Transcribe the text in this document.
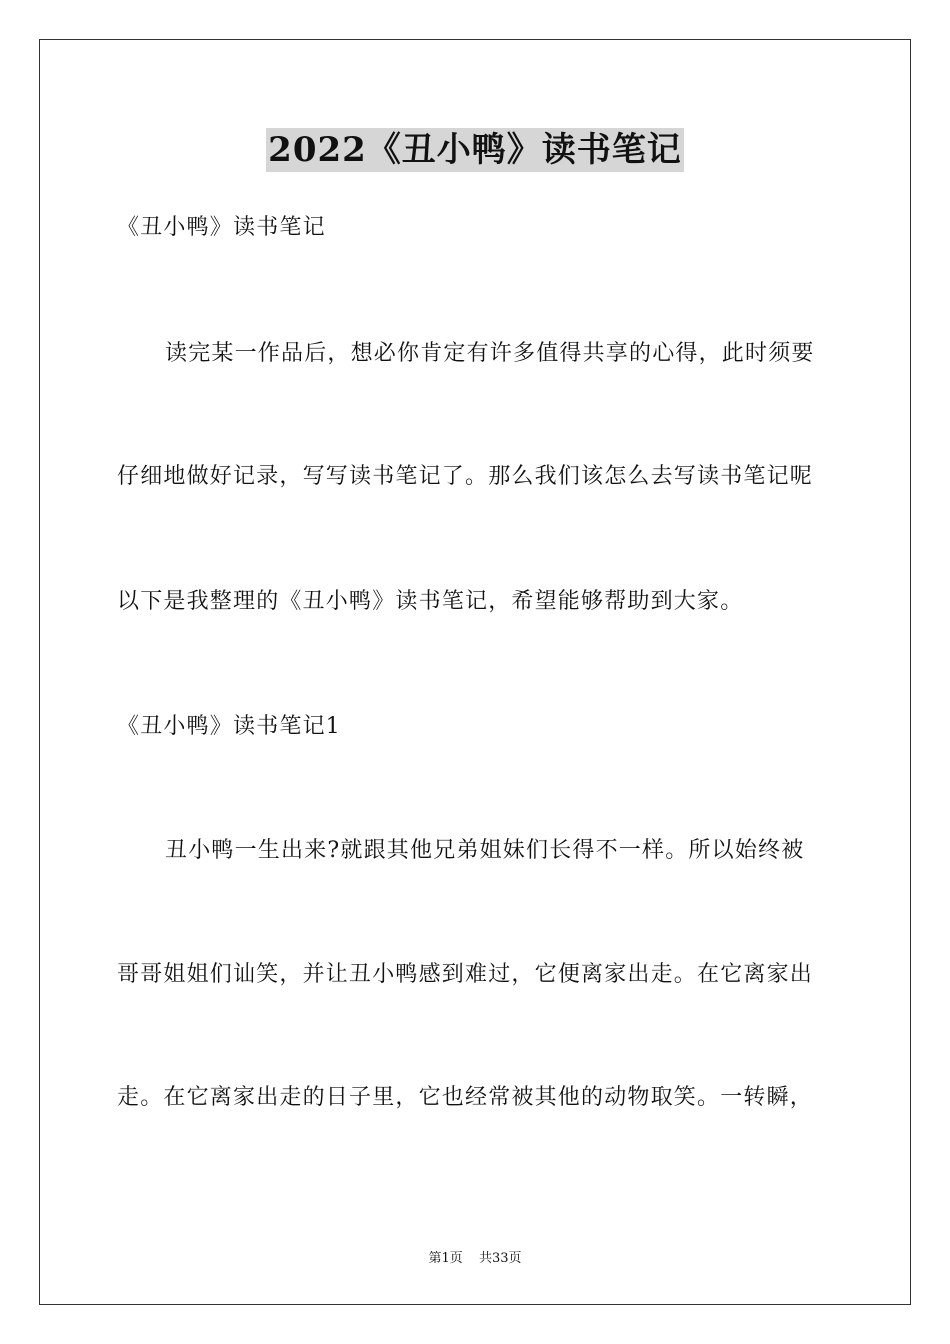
2022《丑小鸭》读书笔记
《丑小鸭》读书笔记
读完某一作品后，想必你肯定有许多值得共享的心得，此时须要
仔细地做好记录，写写读书笔记了。那么我们该怎么去写读书笔记呢
以下是我整理的《丑小鸭》读书笔记，希望能够帮助到大家。
《丑小鸭》读书笔记1
丑小鸭一生出来?就跟其他兄弟姐妹们长得不一样。所以始终被
哥哥姐姐们讪笑，并让丑小鸭感到难过，它便离家出走。在它离家出
走。在它离家出走的日子里，它也经常被其他的动物取笑。一转瞬，
第1页 共33页
